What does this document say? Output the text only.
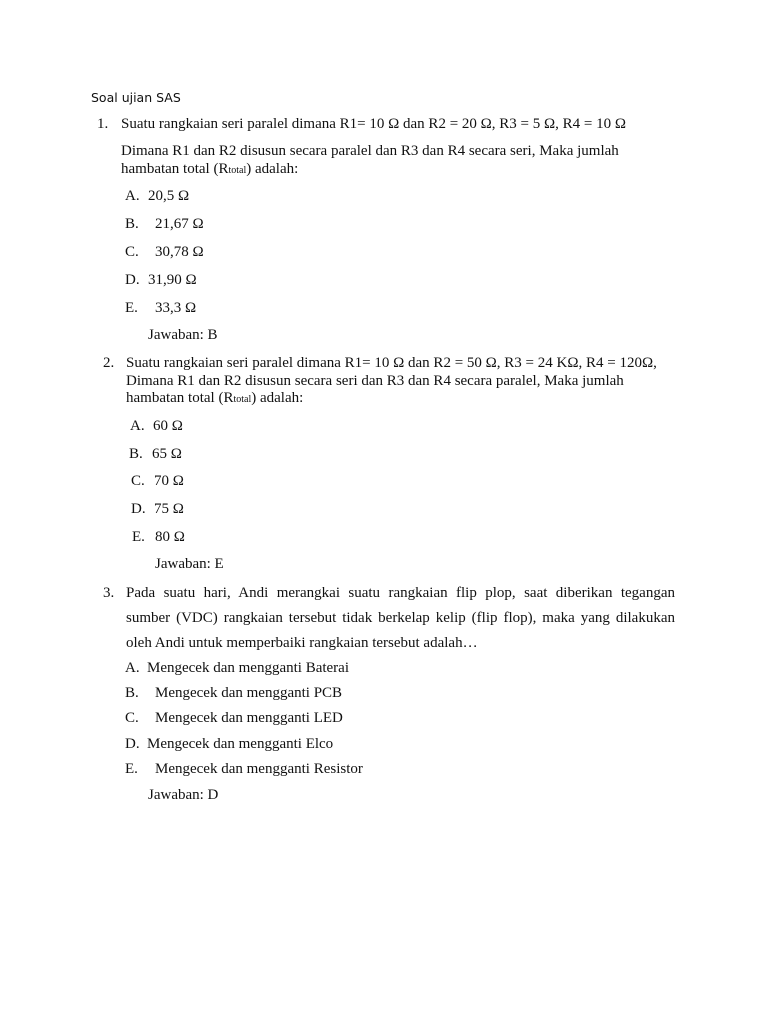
Soal ujian SAS
1. Suatu rangkaian seri paralel dimana R1= 10 Ω dan R2 = 20 Ω, R3 = 5 Ω, R4 = 10 Ω
Dimana R1 dan R2 disusun secara paralel dan R3 dan R4 secara seri, Maka jumlah
hambatan total (Rtotal) adalah:
A. 20,5 Ω
B. 21,67 Ω
C. 30,78 Ω
D. 31,90 Ω
E. 33,3 Ω
Jawaban: B
2. Suatu rangkaian seri paralel dimana R1= 10 Ω dan R2 = 50 Ω, R3 = 24 KΩ, R4 = 120Ω,
Dimana R1 dan R2 disusun secara seri dan R3 dan R4 secara paralel, Maka jumlah
hambatan total (Rtotal) adalah:
A. 60 Ω
B. 65 Ω
C. 70 Ω
D. 75 Ω
E. 80 Ω
Jawaban: E
3. Pada suatu hari, Andi merangkai suatu rangkaian flip plop, saat diberikan tegangan
sumber (VDC) rangkaian tersebut tidak berkelap kelip (flip flop), maka yang dilakukan
oleh Andi untuk memperbaiki rangkaian tersebut adalah…
A. Mengecek dan mengganti Baterai
B. Mengecek dan mengganti PCB
C. Mengecek dan mengganti LED
D. Mengecek dan mengganti Elco
E. Mengecek dan mengganti Resistor
Jawaban: D
